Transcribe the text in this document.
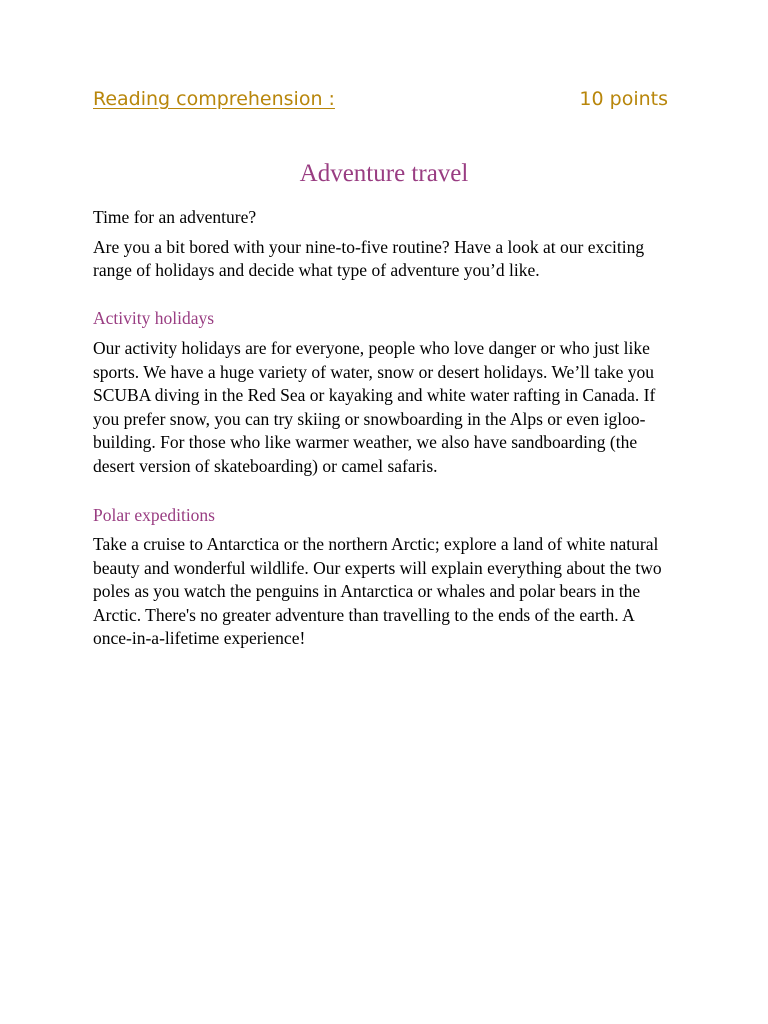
Reading comprehension :	10 points
Adventure travel

Time for an adventure?

Are you a bit bored with your nine-to-five routine? Have a look at our exciting range of holidays and decide what type of adventure you’d like.

Activity holidays

Our activity holidays are for everyone, people who love danger or who just like sports. We have a huge variety of water, snow or desert holidays. We’ll take you SCUBA diving in the Red Sea or kayaking and white water rafting in Canada. If you prefer snow, you can try skiing or snowboarding in the Alps or even igloo-building. For those who like warmer weather, we also have sandboarding (the desert version of skateboarding) or camel safaris.

Polar expeditions

Take a cruise to Antarctica or the northern Arctic; explore a land of white natural beauty and wonderful wildlife. Our experts will explain everything about the two poles as you watch the penguins in Antarctica or whales and polar bears in the Arctic. There's no greater adventure than travelling to the ends of the earth. A once-in-a-lifetime experience!
